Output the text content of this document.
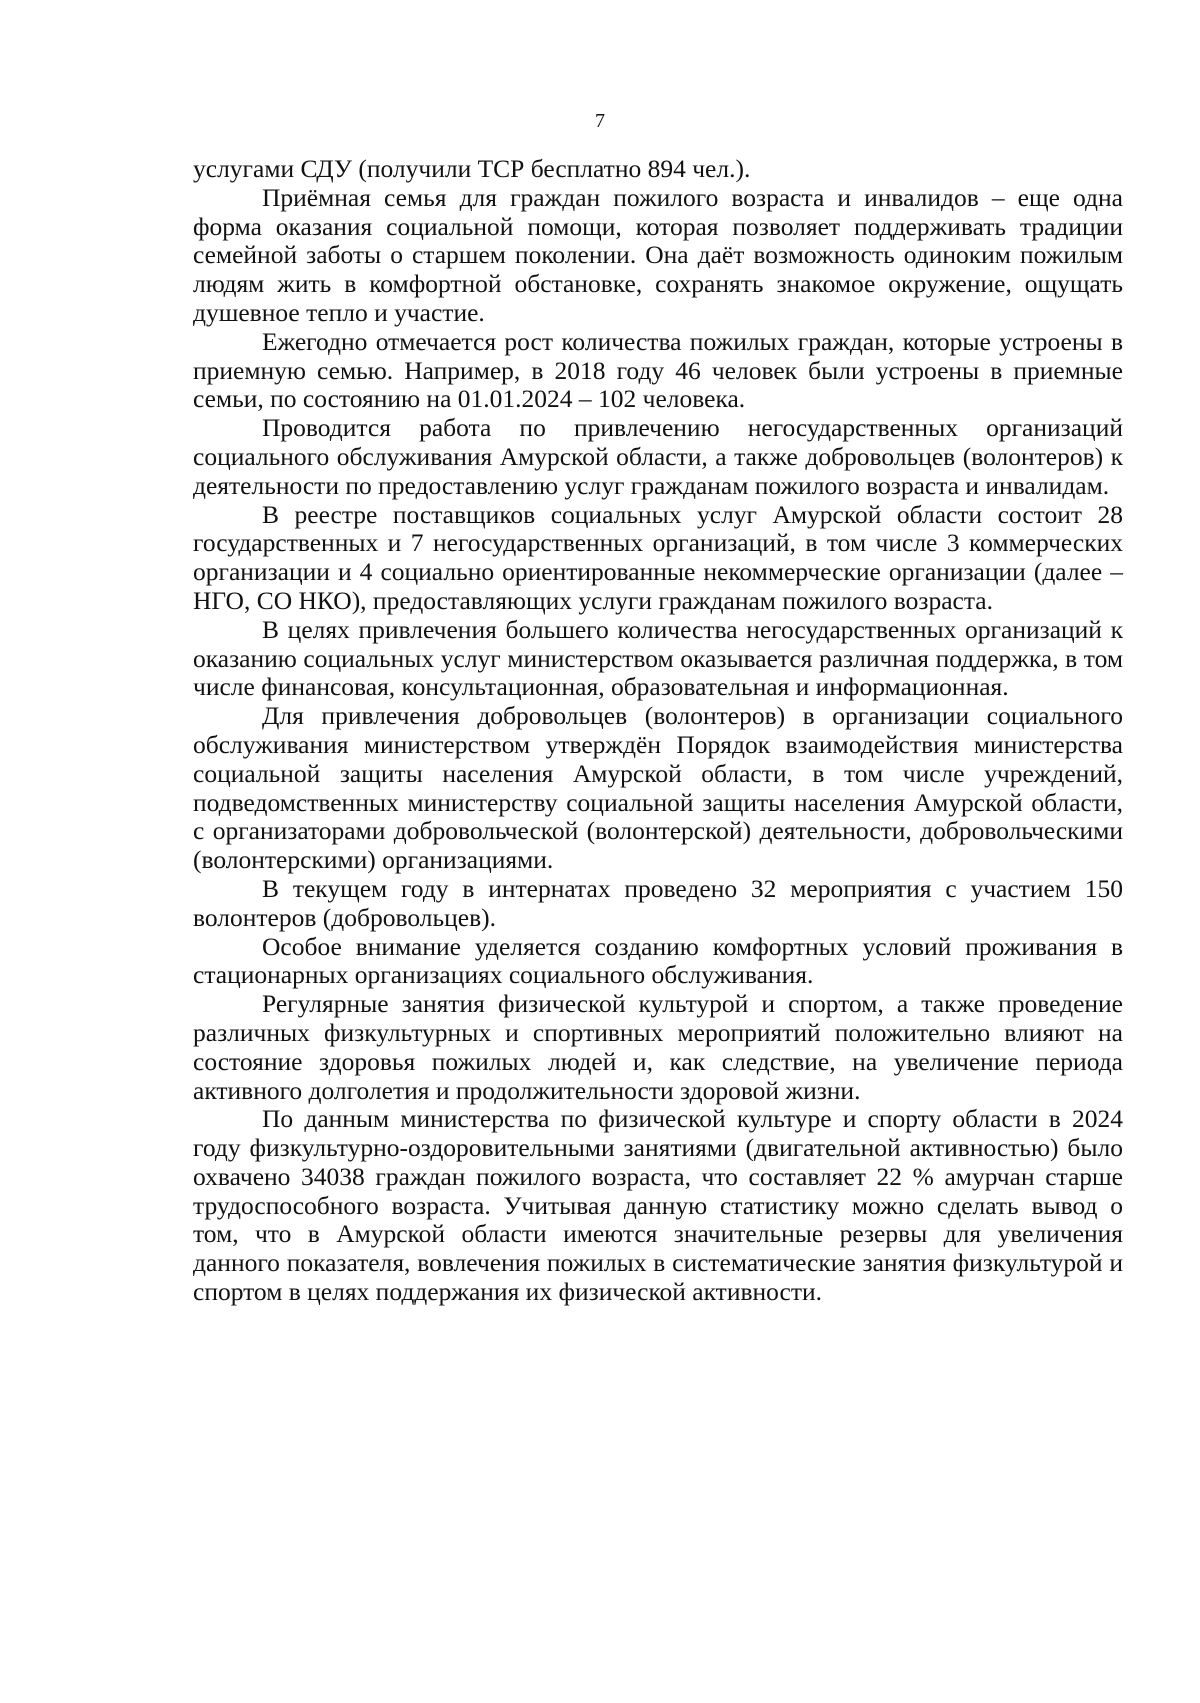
7

услугами СДУ (получили ТСР бесплатно 894 чел.).

Приёмная семья для граждан пожилого возраста и инвалидов – еще одна форма оказания социальной помощи, которая позволяет поддерживать традиции семейной заботы о старшем поколении. Она даёт возможность одиноким пожилым людям жить в комфортной обстановке, сохранять знакомое окружение, ощущать душевное тепло и участие.

Ежегодно отмечается рост количества пожилых граждан, которые устроены в приемную семью. Например, в 2018 году 46 человек были устроены в приемные семьи, по состоянию на 01.01.2024 – 102 человека.

Проводится работа по привлечению негосударственных организаций социального обслуживания Амурской области, а также добровольцев (волонтеров) к деятельности по предоставлению услуг гражданам пожилого возраста и инвалидам.

В реестре поставщиков социальных услуг Амурской области состоит 28 государственных и 7 негосударственных организаций, в том числе 3 коммерческих организации и 4 социально ориентированные некоммерческие организации (далее – НГО, СО НКО), предоставляющих услуги гражданам пожилого возраста.

В целях привлечения большего количества негосударственных организаций к оказанию социальных услуг министерством оказывается различная поддержка, в том числе финансовая, консультационная, образовательная и информационная.

Для привлечения добровольцев (волонтеров) в организации социального обслуживания министерством утверждён Порядок взаимодействия министерства социальной защиты населения Амурской области, в том числе учреждений, подведомственных министерству социальной защиты населения Амурской области, с организаторами добровольческой (волонтерской) деятельности, добровольческими (волонтерскими) организациями.

В текущем году в интернатах проведено 32 мероприятия с участием 150 волонтеров (добровольцев).

Особое внимание уделяется созданию комфортных условий проживания в стационарных организациях социального обслуживания.

Регулярные занятия физической культурой и спортом, а также проведение различных физкультурных и спортивных мероприятий положительно влияют на состояние здоровья пожилых людей и, как следствие, на увеличение периода активного долголетия и продолжительности здоровой жизни.

По данным министерства по физической культуре и спорту области в 2024 году физкультурно-оздоровительными занятиями (двигательной активностью) было охвачено 34038 граждан пожилого возраста, что составляет 22 % амурчан старше трудоспособного возраста. Учитывая данную статистику можно сделать вывод о том, что в Амурской области имеются значительные резервы для увеличения данного показателя, вовлечения пожилых в систематические занятия физкультурой и спортом в целях поддержания их физической активности.
